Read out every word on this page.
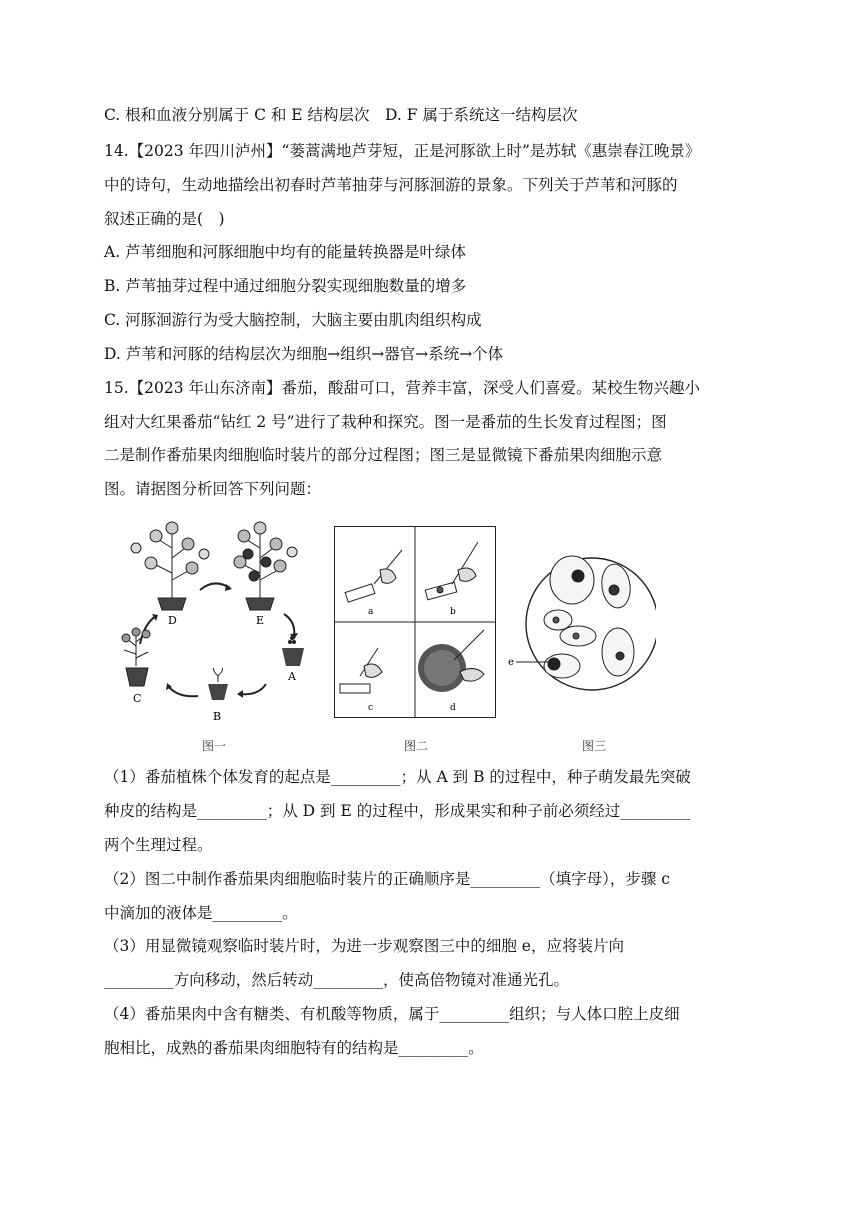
C. 根和血液分别属于 C 和 E 结构层次　D. F 属于系统这一结构层次
14.【2023 年四川泸州】“蒌蒿满地芦芽短，正是河豚欲上时”是苏轼《惠崇春江晚景》
中的诗句，生动地描绘出初春时芦苇抽芽与河豚洄游的景象。下列关于芦苇和河豚的
叙述正确的是(　)
A. 芦苇细胞和河豚细胞中均有的能量转换器是叶绿体
B. 芦苇抽芽过程中通过细胞分裂实现细胞数量的增多
C. 河豚洄游行为受大脑控制，大脑主要由肌肉组织构成
D. 芦苇和河豚的结构层次为细胞→组织→器官→系统→个体
15.【2023 年山东济南】番茄，酸甜可口，营养丰富，深受人们喜爱。某校生物兴趣小
组对大红果番茄“钻红 2 号”进行了栽种和探究。图一是番茄的生长发育过程图；图
二是制作番茄果肉细胞临时装片的部分过程图；图三是显微镜下番茄果肉细胞示意
图。请据图分析回答下列问题：
D	E
A
B
C
图一
a	b
c	d
图二
e
图三
（1）番茄植株个体发育的起点是_________；从 A 到 B 的过程中，种子萌发最先突破
种皮的结构是_________；从 D 到 E 的过程中，形成果实和种子前必须经过_________
两个生理过程。
（2）图二中制作番茄果肉细胞临时装片的正确顺序是_________（填字母），步骤 c
中滴加的液体是_________。
（3）用显微镜观察临时装片时，为进一步观察图三中的细胞 e，应将装片向
_________方向移动，然后转动_________，使高倍物镜对准通光孔。
（4）番茄果肉中含有糖类、有机酸等物质，属于_________组织；与人体口腔上皮细
胞相比，成熟的番茄果肉细胞特有的结构是_________。
